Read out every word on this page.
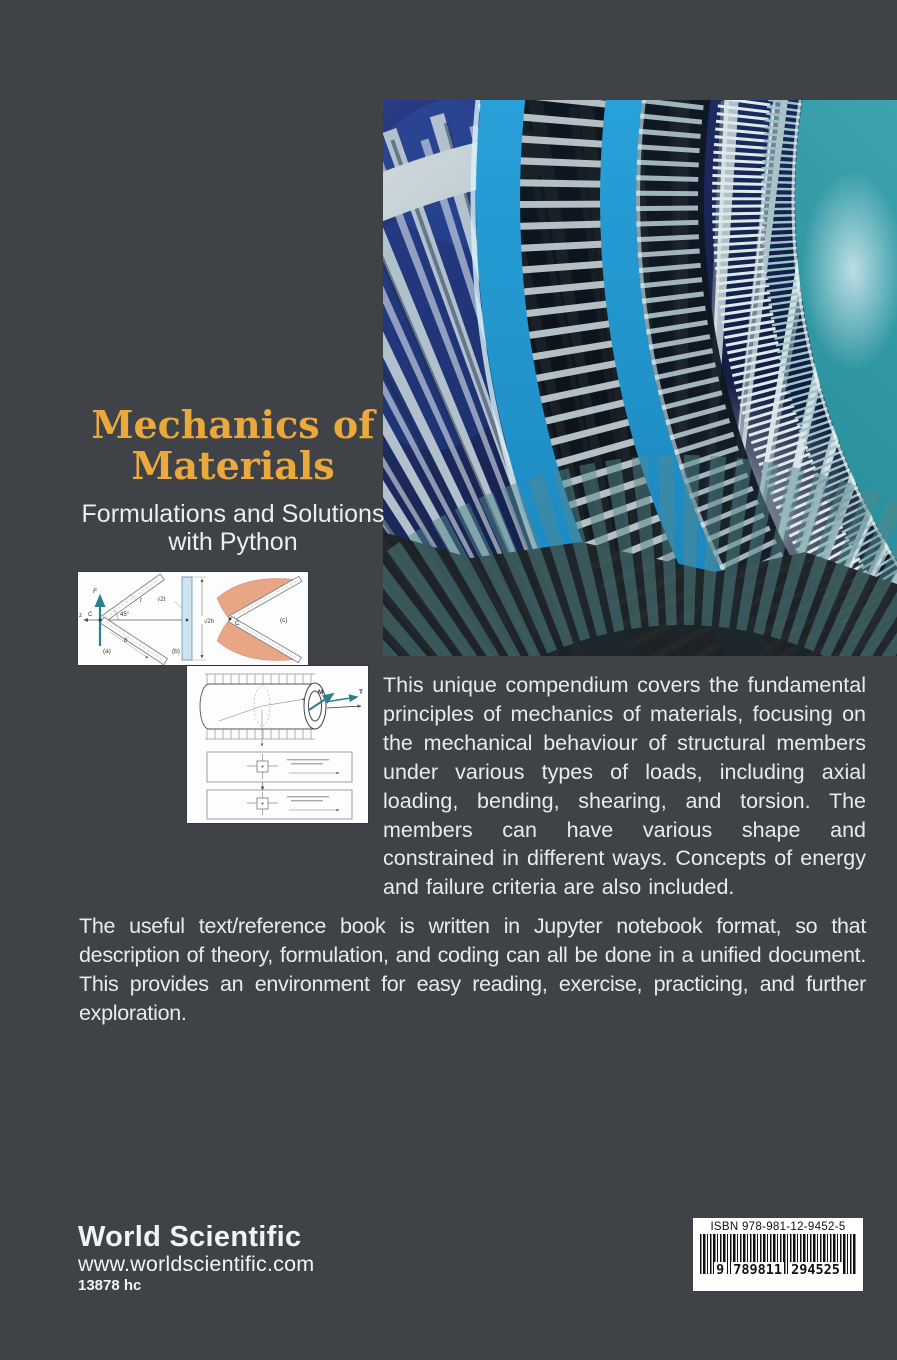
Mechanics of
Materials
Formulations and Solutions
with Python
z
F
C	45°
t
b
(a)
√2t
√2h
(b)
C	(c)
M	T This unique compendium covers the fundamental principles of mechanics of materials, focusing on the mechanical behaviour of structural members under various types of loads, including axial loading, bending, shearing, and torsion. The members can have various shape and constrained in different ways. Concepts of energy and failure criteria are also included.

The useful text/reference book is written in Jupyter notebook format, so that description of theory, formulation, and coding can all be done in a unified document. This provides an environment for easy reading, exercise, practicing, and further exploration.

World Scientific
www.worldscientific.com
13878 hc
ISBN 978-981-12-9452-5
9 789811 294525
